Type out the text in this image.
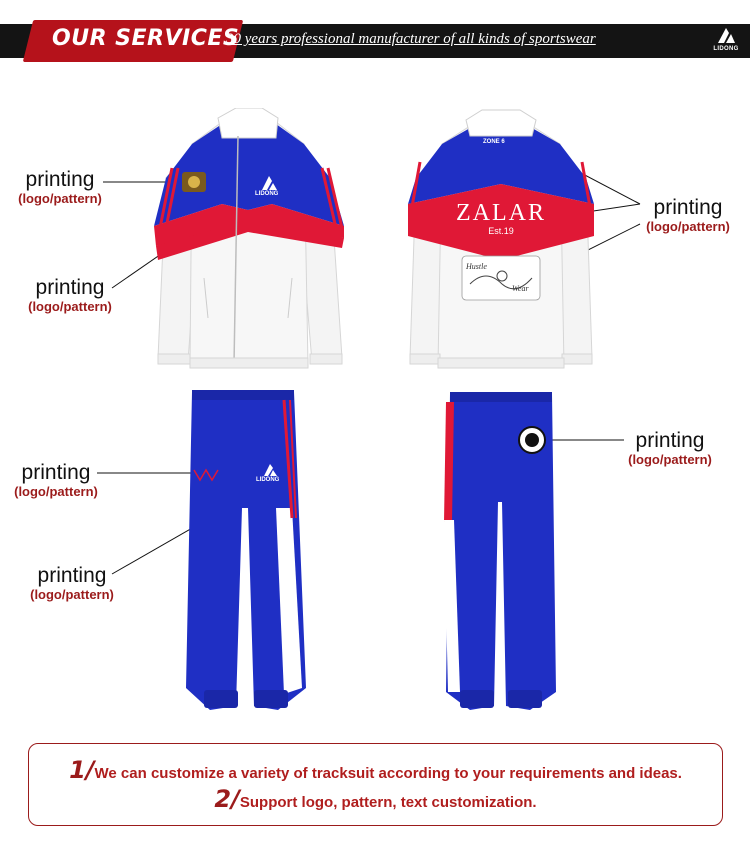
OUR SERVICES
30 years professional manufacturer of all kinds of sportswear
LIDONG
LIDONG
ZONE 6
ZALAR
Est.19
Hustle
Wear
LIDONG
printing
(logo/pattern)
printing
(logo/pattern)
printing
(logo/pattern)
printing
(logo/pattern)
printing
(logo/pattern)
printing
(logo/pattern)
1/We can customize a variety of tracksuit according to your requirements and ideas.
2/Support logo, pattern, text customization.
